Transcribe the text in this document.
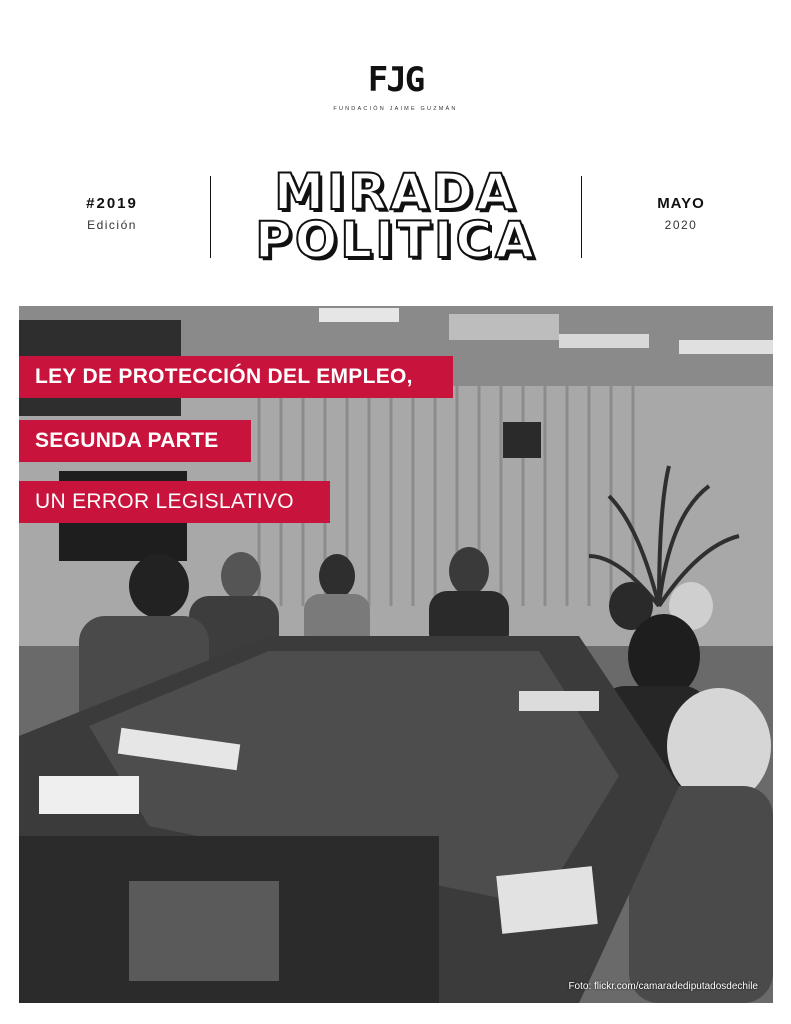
FJG
FUNDACIÓN JAIME GUZMÁN
#2019
Edición
MIRADA
POLITICA
MAYO
2020
LEY DE PROTECCIÓN DEL EMPLEO,
SEGUNDA PARTE
UN ERROR LEGISLATIVO
Foto: flickr.com/camaradediputadosdechile
